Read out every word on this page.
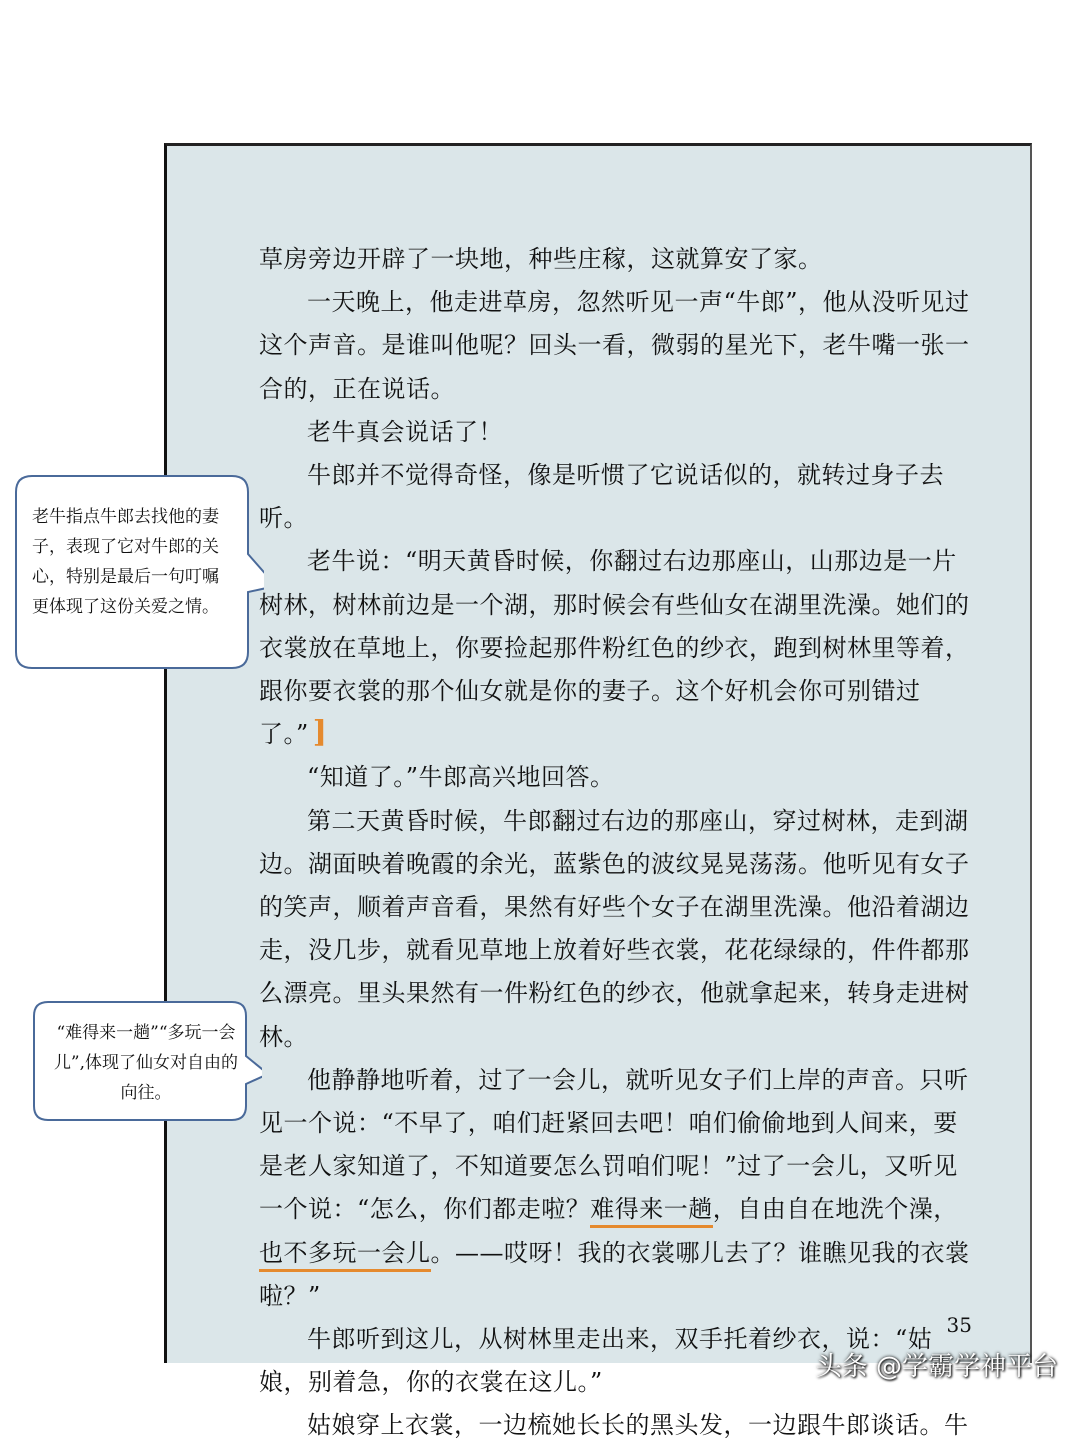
草房旁边开辟了一块地，种些庄稼，这就算安了家。

一天晚上，他走进草房，忽然听见一声“牛郎”，他从没听见过这个声音。是谁叫他呢？回头一看，微弱的星光下，老牛嘴一张一合的，正在说话。

老牛真会说话了！

牛郎并不觉得奇怪，像是听惯了它说话似的，就转过身子去听。

老牛说：“明天黄昏时候，你翻过右边那座山，山那边是一片树林，树林前边是一个湖，那时候会有些仙女在湖里洗澡。她们的衣裳放在草地上，你要捡起那件粉红色的纱衣，跑到树林里等着，跟你要衣裳的那个仙女就是你的妻子。这个好机会你可别错过了。” ]

“知道了。”牛郎高兴地回答。

第二天黄昏时候，牛郎翻过右边的那座山，穿过树林，走到湖边。湖面映着晚霞的余光，蓝紫色的波纹晃晃荡荡。他听见有女子的笑声，顺着声音看，果然有好些个女子在湖里洗澡。他沿着湖边走，没几步，就看见草地上放着好些衣裳，花花绿绿的，件件都那么漂亮。里头果然有一件粉红色的纱衣，他就拿起来，转身走进树林。

他静静地听着，过了一会儿，就听见女子们上岸的声音。只听见一个说：“不早了，咱们赶紧回去吧！咱们偷偷地到人间来，要是老人家知道了，不知道要怎么罚咱们呢！”过了一会儿，又听见一个说：“怎么，你们都走啦？难得来一趟，自由自在地洗个澡，也不多玩一会儿。——哎呀！我的衣裳哪儿去了？谁瞧见我的衣裳啦？”

牛郎听到这儿，从树林里走出来，双手托着纱衣，说：“姑娘，别着急，你的衣裳在这儿。”

姑娘穿上衣裳，一边梳她长长的黑头发，一边跟牛郎谈话。牛

35
老牛指点牛郎去找他的妻子，表现了它对牛郎的关心，特别是最后一句叮嘱更体现了这份关爱之情。
“难得来一趟”“多玩一会儿”,体现了仙女对自由的向往。
头条 @学霸学神平台
